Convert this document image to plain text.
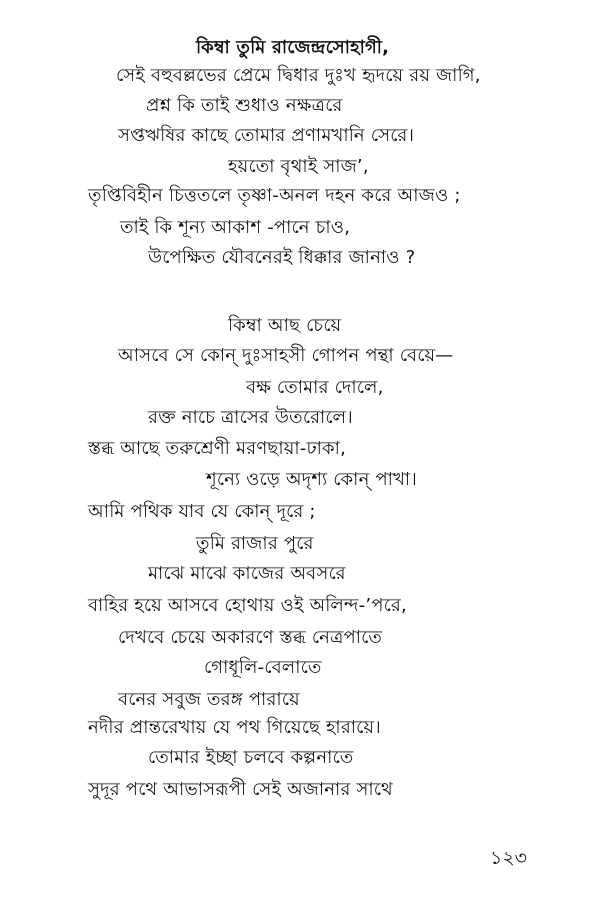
কিম্বা তুমি রাজেন্দ্রসোহাগী,
সেই বহুবল্লভের প্রেমে দ্বিধার দুঃখ হৃদয়ে রয় জাগি,
প্রশ্ন কি তাই শুধাও নক্ষত্ররে
সপ্তঋষির কাছে তোমার প্রণামখানি সেরে।
হয়তো বৃথাই সাজ’,
তৃপ্তিবিহীন চিত্ততলে তৃষ্ণা-অনল দহন করে আজও ;
তাই কি শূন্য আকাশ -পানে চাও,
উপেক্ষিত যৌবনেরই ধিক্কার জানাও ?
কিম্বা আছ চেয়ে
আসবে সে কোন্ দুঃসাহসী গোপন পন্থা বেয়ে—
বক্ষ তোমার দোলে,
রক্ত নাচে ত্রাসের উতরোলে।
স্তব্ধ আছে তরুশ্রেণী মরণছায়া-ঢাকা,
শূন্যে ওড়ে অদৃশ্য কোন্ পাখা।
আমি পথিক যাব যে কোন্ দূরে ;
তুমি রাজার পুরে
মাঝে মাঝে কাজের অবসরে
বাহির হয়ে আসবে হোথায় ওই অলিন্দ-’পরে,
দেখবে চেয়ে অকারণে স্তব্ধ নেত্রপাতে
গোধূলি-বেলাতে
বনের সবুজ তরঙ্গ পারায়ে
নদীর প্রান্তরেখায় যে পথ গিয়েছে হারায়ে।
তোমার ইচ্ছা চলবে কল্পনাতে
সুদূর পথে আভাসরূপী সেই অজানার সাথে
১২৩
